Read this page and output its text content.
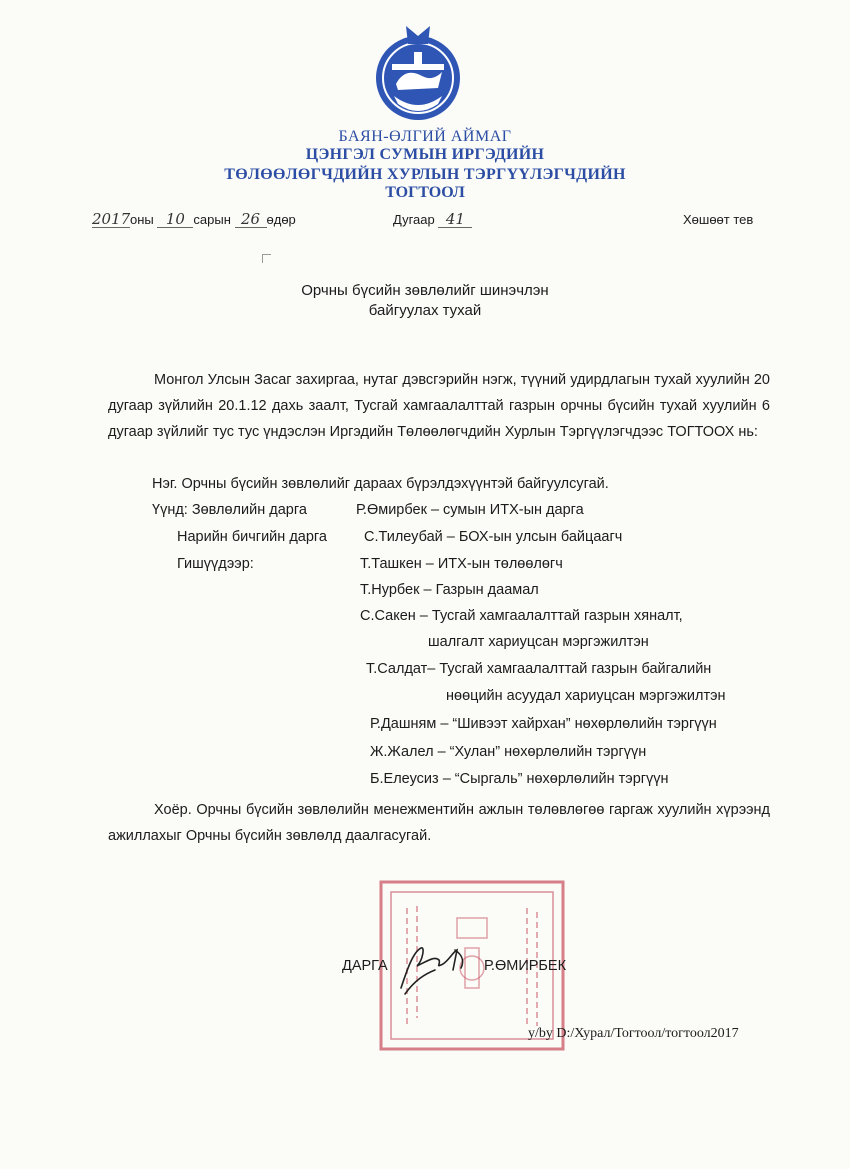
БАЯН-ӨЛГИЙ АЙМАГ
ЦЭНГЭЛ СУМЫН ИРГЭДИЙН
ТӨЛӨӨЛӨГЧДИЙН ХУРЛЫН ТЭРГҮҮЛЭГЧДИЙН
ТОГТООЛ
2017оны 10 сарын 26 өдөр	Дугаар 41	Хөшөөт тев
Орчны бүсийн зөвлөлийг шинэчлэн
байгуулах тухай
Монгол Улсын Засаг захиргаа, нутаг дэвсгэрийн нэгж, түүний удирдлагын тухай хуулийн 20 дугаар зүйлийн 20.1.12 дахь заалт, Тусгай хамгаалалттай газрын орчны бүсийн тухай хуулийн 6 дугаар зүйлийг тус тус үндэслэн Иргэдийн Төлөөлөгчдийн Хурлын Тэргүүлэгчдээс ТОГТООХ нь:
Нэг. Орчны бүсийн зөвлөлийг дараах бүрэлдэхүүнтэй байгуулсугай.
Үүнд: Зөвлөлийн дарга	Р.Өмирбек – сумын ИТХ-ын дарга
Нарийн бичгийн дарга	С.Тилеубай – БОХ-ын улсын байцаагч
Гишүүдээр:	Т.Ташкен – ИТХ-ын төлөөлөгч
Т.Нурбек – Газрын даамал
С.Сакен – Тусгай хамгаалалттай газрын хяналт,
шалгалт хариуцсан мэргэжилтэн
Т.Салдат– Тусгай хамгаалалттай газрын байгалийн
нөөцийн асуудал хариуцсан мэргэжилтэн
Р.Дашням – “Шивээт хайрхан” нөхөрлөлийн тэргүүн
Ж.Жалел – “Хулан” нөхөрлөлийн тэргүүн
Б.Елеусиз – “Сыргаль” нөхөрлөлийн тэргүүн
Хоёр. Орчны бүсийн зөвлөлийн менежментийн ажлын төлөвлөгөө гаргаж хуулийн хүрээнд ажиллахыг Орчны бүсийн зөвлөлд даалгасугай.
ДАРГА	Р.ӨМИРБЕК
y/by D:/Хурал/Тогтоол/тогтоол2017
